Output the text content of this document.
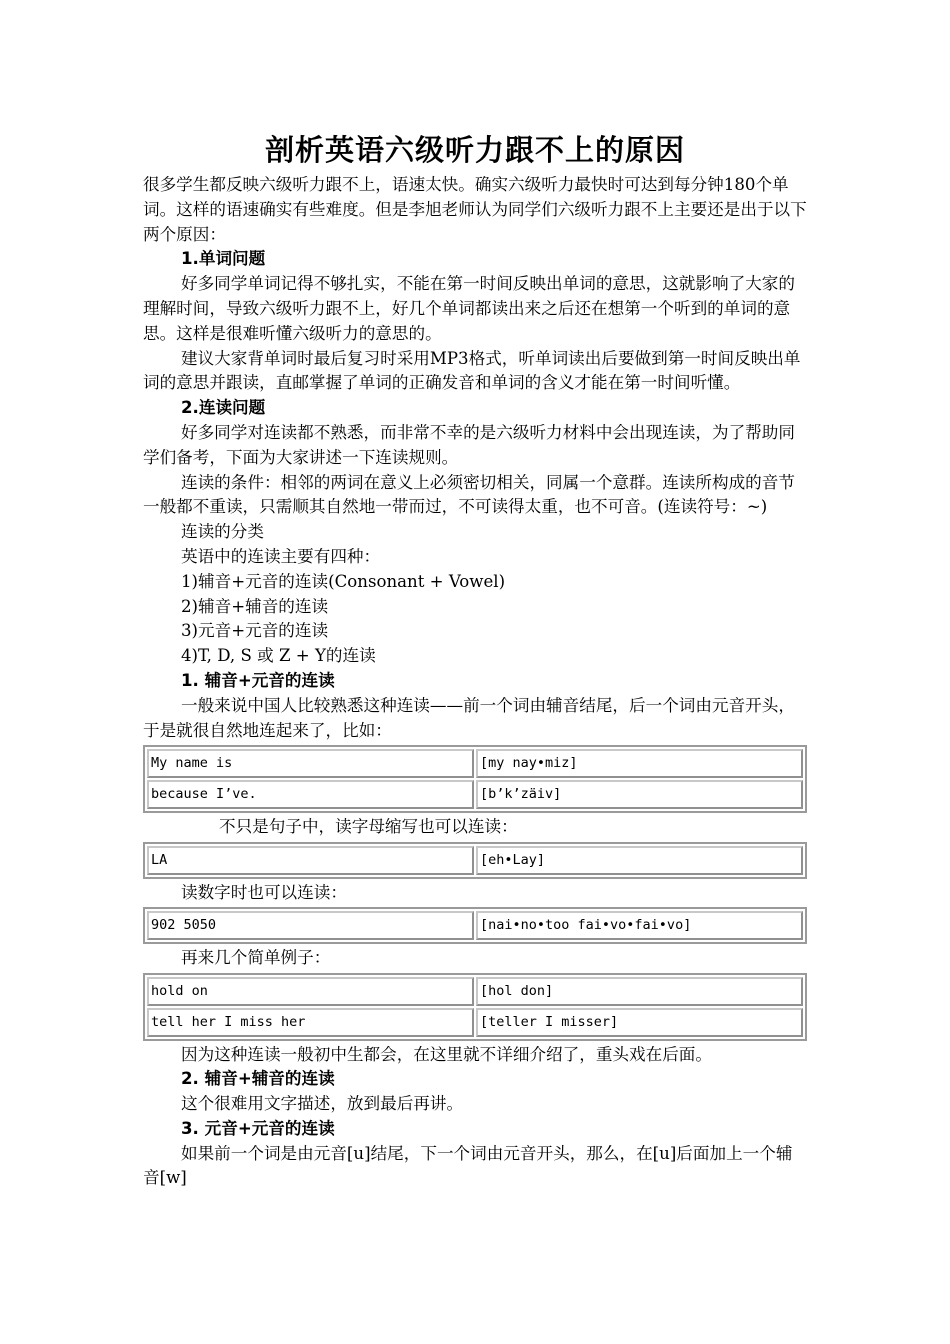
剖析英语六级听力跟不上的原因

很多学生都反映六级听力跟不上，语速太快。确实六级听力最快时可达到每分钟180个单词。这样的语速确实有些难度。但是李旭老师认为同学们六级听力跟不上主要还是出于以下两个原因：

1.单词问题

好多同学单词记得不够扎实，不能在第一时间反映出单词的意思，这就影响了大家的理解时间，导致六级听力跟不上，好几个单词都读出来之后还在想第一个听到的单词的意思。这样是很难听懂六级听力的意思的。

建议大家背单词时最后复习时采用MP3格式，听单词读出后要做到第一时间反映出单词的意思并跟读，直邮掌握了单词的正确发音和单词的含义才能在第一时间听懂。

2.连读问题

好多同学对连读都不熟悉，而非常不幸的是六级听力材料中会出现连读，为了帮助同学们备考，下面为大家讲述一下连读规则。

连读的条件：相邻的两词在意义上必须密切相关，同属一个意群。连读所构成的音节一般都不重读，只需顺其自然地一带而过，不可读得太重，也不可音。(连读符号：~)

连读的分类

英语中的连读主要有四种：

1)辅音+元音的连读(Consonant + Vowel)

2)辅音+辅音的连读

3)元音+元音的连读

4)T, D, S 或 Z + Y的连读

1. 辅音+元音的连读

一般来说中国人比较熟悉这种连读——前一个词由辅音结尾，后一个词由元音开头，于是就很自然地连起来了，比如：

My name is	[my nay•miz]
because I’ve.	[b’k’zäiv]

不只是句子中，读字母缩写也可以连读：

LA	[eh•Lay]

读数字时也可以连读：

902 5050	[nai•no•too fai•vo•fai•vo]

再来几个简单例子：

hold on	[hol don]
tell her I miss her	[teller I misser]

因为这种连读一般初中生都会，在这里就不详细介绍了，重头戏在后面。

2. 辅音+辅音的连读

这个很难用文字描述，放到最后再讲。

3. 元音+元音的连读

如果前一个词是由元音[u]结尾，下一个词由元音开头，那么，在[u]后面加上一个辅音[w]
